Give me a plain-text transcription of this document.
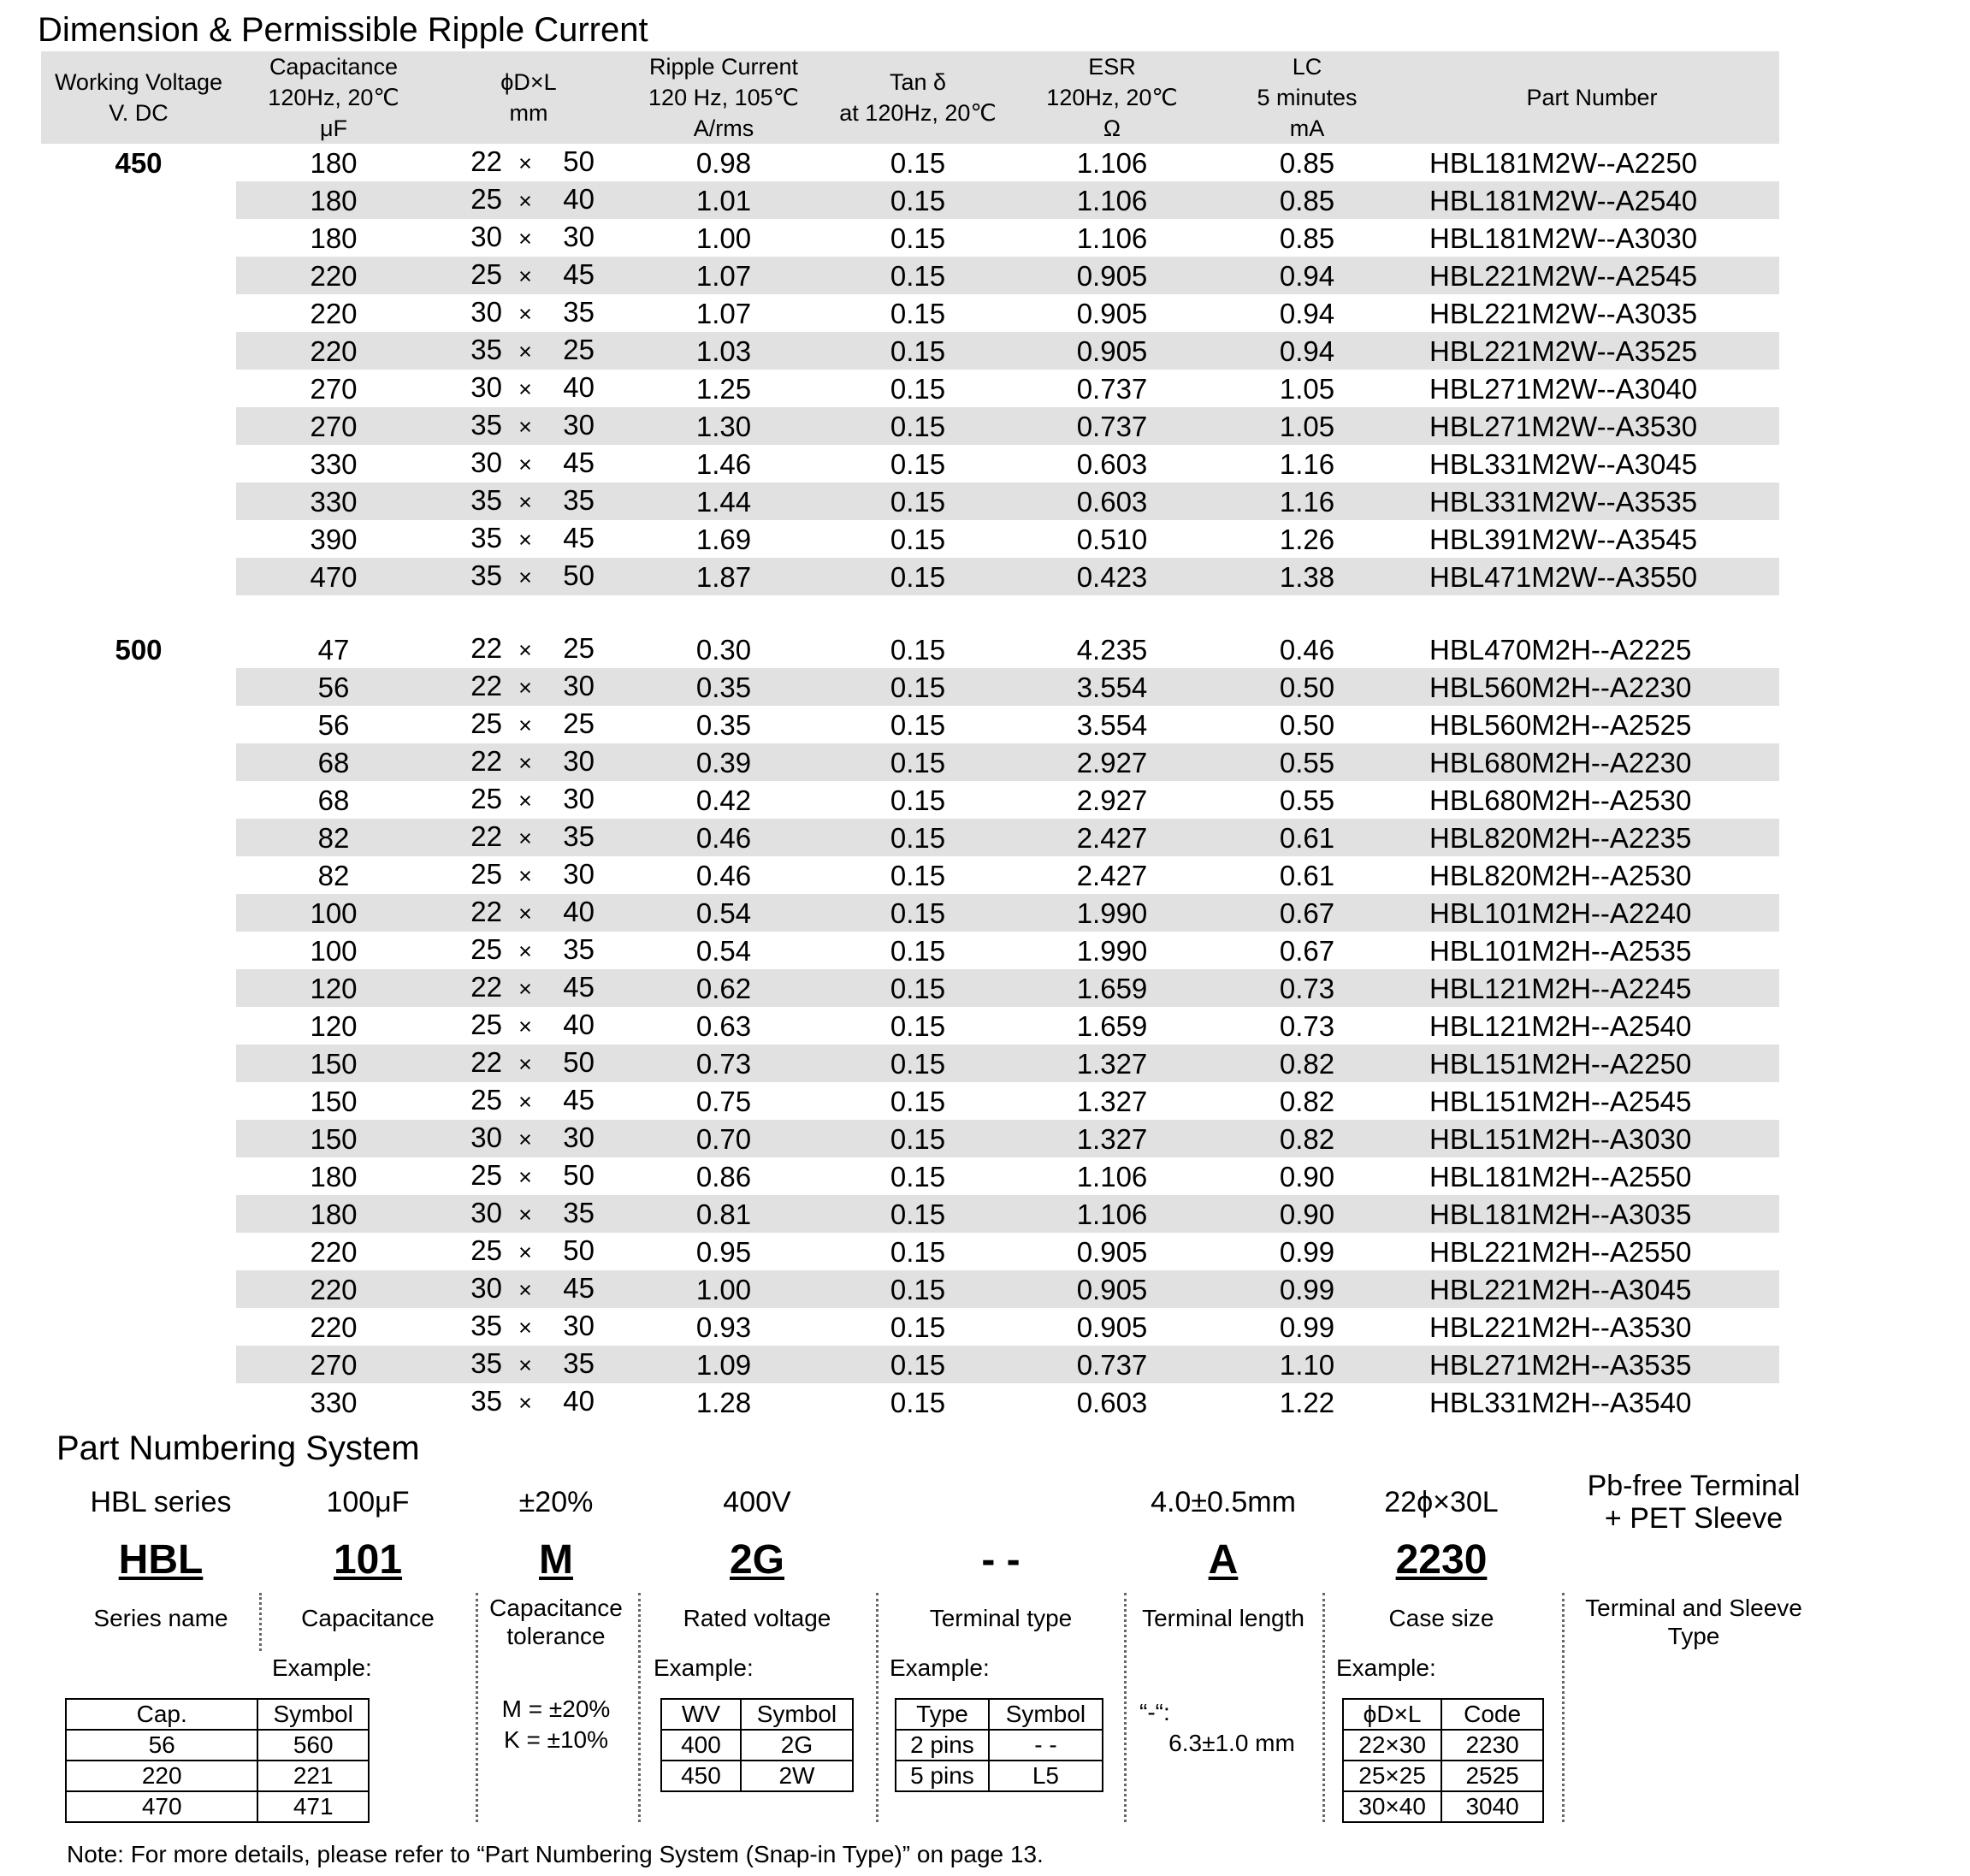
Dimension & Permissible Ripple Current
Working Voltage
V. DC	Capacitance
120Hz, 20℃
μF	ϕD×L
mm	Ripple Current
120 Hz, 105℃
A/rms	Tan δ
at 120Hz, 20℃	ESR
120Hz, 20℃
Ω	LC
5 minutes
mA	Part Number

450	180	22 × 50	0.98	0.15	1.106	0.85	HBL181M2W--A2250
	180	25 × 40	1.01	0.15	1.106	0.85	HBL181M2W--A2540
	180	30 × 30	1.00	0.15	1.106	0.85	HBL181M2W--A3030
	220	25 × 45	1.07	0.15	0.905	0.94	HBL221M2W--A2545
	220	30 × 35	1.07	0.15	0.905	0.94	HBL221M2W--A3035
	220	35 × 25	1.03	0.15	0.905	0.94	HBL221M2W--A3525
	270	30 × 40	1.25	0.15	0.737	1.05	HBL271M2W--A3040
	270	35 × 30	1.30	0.15	0.737	1.05	HBL271M2W--A3530
	330	30 × 45	1.46	0.15	0.603	1.16	HBL331M2W--A3045
	330	35 × 35	1.44	0.15	0.603	1.16	HBL331M2W--A3535
	390	35 × 45	1.69	0.15	0.510	1.26	HBL391M2W--A3545
	470	35 × 50	1.87	0.15	0.423	1.38	HBL471M2W--A3550

500	47	22 × 25	0.30	0.15	4.235	0.46	HBL470M2H--A2225
	56	22 × 30	0.35	0.15	3.554	0.50	HBL560M2H--A2230
	56	25 × 25	0.35	0.15	3.554	0.50	HBL560M2H--A2525
	68	22 × 30	0.39	0.15	2.927	0.55	HBL680M2H--A2230
	68	25 × 30	0.42	0.15	2.927	0.55	HBL680M2H--A2530
	82	22 × 35	0.46	0.15	2.427	0.61	HBL820M2H--A2235
	82	25 × 30	0.46	0.15	2.427	0.61	HBL820M2H--A2530
	100	22 × 40	0.54	0.15	1.990	0.67	HBL101M2H--A2240
	100	25 × 35	0.54	0.15	1.990	0.67	HBL101M2H--A2535
	120	22 × 45	0.62	0.15	1.659	0.73	HBL121M2H--A2245
	120	25 × 40	0.63	0.15	1.659	0.73	HBL121M2H--A2540
	150	22 × 50	0.73	0.15	1.327	0.82	HBL151M2H--A2250
	150	25 × 45	0.75	0.15	1.327	0.82	HBL151M2H--A2545
	150	30 × 30	0.70	0.15	1.327	0.82	HBL151M2H--A3030
	180	25 × 50	0.86	0.15	1.106	0.90	HBL181M2H--A2550
	180	30 × 35	0.81	0.15	1.106	0.90	HBL181M2H--A3035
	220	25 × 50	0.95	0.15	0.905	0.99	HBL221M2H--A2550
	220	30 × 45	1.00	0.15	0.905	0.99	HBL221M2H--A3045
	220	35 × 30	0.93	0.15	0.905	0.99	HBL221M2H--A3530
	270	35 × 35	1.09	0.15	0.737	1.10	HBL271M2H--A3535
	330	35 × 40	1.28	0.15	0.603	1.22	HBL331M2H--A3540
Part Numbering System
HBL series	100μF	±20%	400V	4.0±0.5mm	22ϕ×30L	Pb-free Terminal
+ PET Sleeve
HBL	101	M	2G	- -	A	2230
Series name	Capacitance	Capacitance
tolerance
Rated voltage	Terminal type	Terminal length	Case size	Terminal and Sleeve
Type
Example:	Example:	Example:	Example:
Cap.	Symbol
56	560
220	221
470	471
M = ±20%
K = ±10%
WV	Symbol
400	2G
450	2W
Type	Symbol
2 pins	- -
5 pins	L5
“-“:
6.3±1.0 mm
ϕD×L	Code
22×30	2230
25×25	2525
30×40	3040
Note: For more details, please refer to “Part Numbering System (Snap-in Type)” on page 13.
